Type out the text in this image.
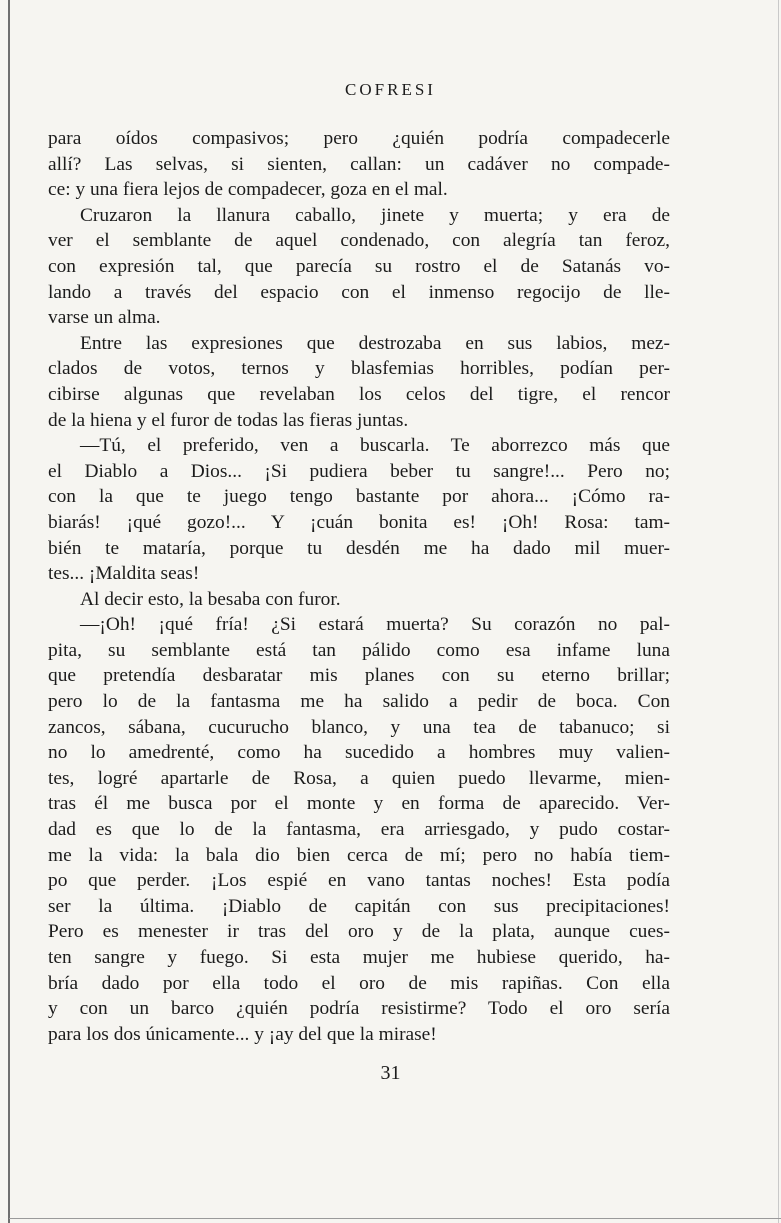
COFRESI
para oídos compasivos; pero ¿quién podría compadecerle
allí? Las selvas, si sienten, callan: un cadáver no compade-
ce: y una fiera lejos de compadecer, goza en el mal.
Cruzaron la llanura caballo, jinete y muerta; y era de
ver el semblante de aquel condenado, con alegría tan feroz,
con expresión tal, que parecía su rostro el de Satanás vo-
lando a través del espacio con el inmenso regocijo de lle-
varse un alma.
Entre las expresiones que destrozaba en sus labios, mez-
clados de votos, ternos y blasfemias horribles, podían per-
cibirse algunas que revelaban los celos del tigre, el rencor
de la hiena y el furor de todas las fieras juntas.
—Tú, el preferido, ven a buscarla. Te aborrezco más que
el Diablo a Dios... ¡Si pudiera beber tu sangre!... Pero no;
con la que te juego tengo bastante por ahora... ¡Cómo ra-
biarás! ¡qué gozo!... Y ¡cuán bonita es! ¡Oh! Rosa: tam-
bién te mataría, porque tu desdén me ha dado mil muer-
tes... ¡Maldita seas!
Al decir esto, la besaba con furor.
—¡Oh! ¡qué fría! ¿Si estará muerta? Su corazón no pal-
pita, su semblante está tan pálido como esa infame luna
que pretendía desbaratar mis planes con su eterno brillar;
pero lo de la fantasma me ha salido a pedir de boca. Con
zancos, sábana, cucurucho blanco, y una tea de tabanuco; si
no lo amedrenté, como ha sucedido a hombres muy valien-
tes, logré apartarle de Rosa, a quien puedo llevarme, mien-
tras él me busca por el monte y en forma de aparecido. Ver-
dad es que lo de la fantasma, era arriesgado, y pudo costar-
me la vida: la bala dio bien cerca de mí; pero no había tiem-
po que perder. ¡Los espié en vano tantas noches! Esta podía
ser la última. ¡Diablo de capitán con sus precipitaciones!
Pero es menester ir tras del oro y de la plata, aunque cues-
ten sangre y fuego. Si esta mujer me hubiese querido, ha-
bría dado por ella todo el oro de mis rapiñas. Con ella
y con un barco ¿quién podría resistirme? Todo el oro sería
para los dos únicamente... y ¡ay del que la mirase!
31
